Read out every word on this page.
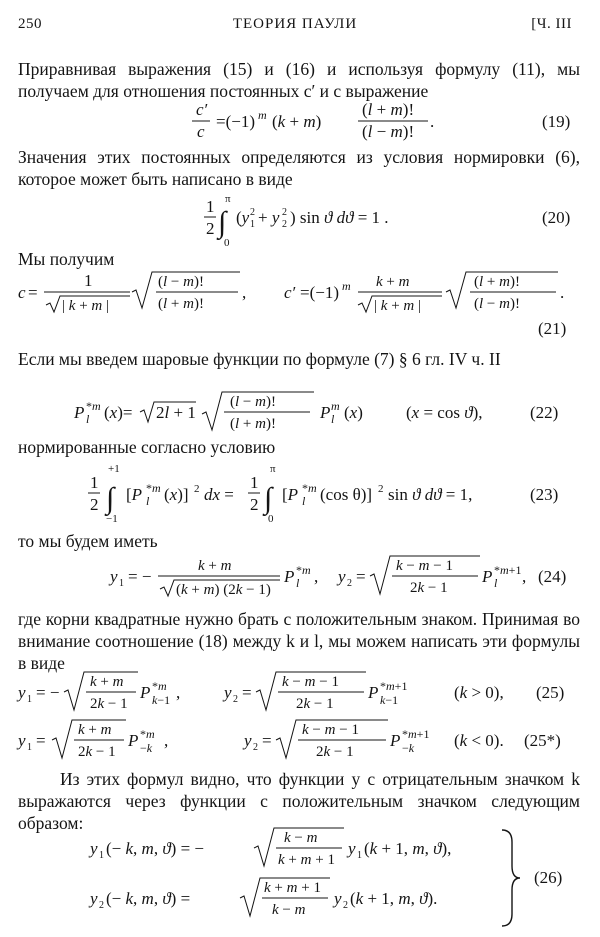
250	ТЕОРИЯ ПАУЛИ	[Ч. III
Приравнивая выражения (15) и (16) и используя формулу (11), мы получаем для отношения постоянных c′ и c выражение
c′
c
=(−1) m (k + m)
(l + m)!
(l − m)!
.	(19)
Значения этих постоянных определяются из условия нормировки (6), которое может быть написано в виде
1
2
π
∫
0
(y 1
2 + y 2
2 ) sin ϑ dϑ = 1 .	(20)
Мы получим
c =
1
| k + m |
(l − m)!
(l + m)!
, c′ =(−1) m k + m
| k + m |
(l + m)!
(l − m)!
.
(21)
Если мы введем шаровые функции по формуле (7) § 6 гл. IV ч. II
P *m
l (x)= 2l + 1
(l − m)!
(l + m)!
P m
l (x)	(x = cos ϑ),	(22)
нормированные согласно условию
1
2
+1
∫
−1
[P *m
l (x)] 2 dx =
1
2
π
∫
0
[P *m
l (cos θ)] 2 sin ϑ dϑ = 1,	(23)
то мы будем иметь
y 1 = −
k + m
(k + m) (2k − 1)
P *m
l , y 2 =
k − m − 1
2k − 1
P *m+1
l , (24)
где корни квадратные нужно брать с положительным знаком. Принимая во внимание соотношение (18) между k и l, мы можем написать эти формулы в виде
y 1 = −
k + m
2k − 1
P *m
k−1 ,	y 2 =
k − m − 1
2k − 1
P *m+1
k−1	(k > 0), (25)
y 1 =
k + m
2k − 1
P *m
−k ,	y 2 =
k − m − 1
2k − 1
P *m+1
−k (k < 0). (25*)
Из этих формул видно, что функции y с отрицательным значком k выражаются через функции с положительным значком следующим образом:
y 1 (− k, m, ϑ) = −
k − m
k + m + 1
y 1 (k + 1, m, ϑ),
y 2 (− k, m, ϑ) =
k + m + 1
k − m
y 2 (k + 1, m, ϑ).
(26)
